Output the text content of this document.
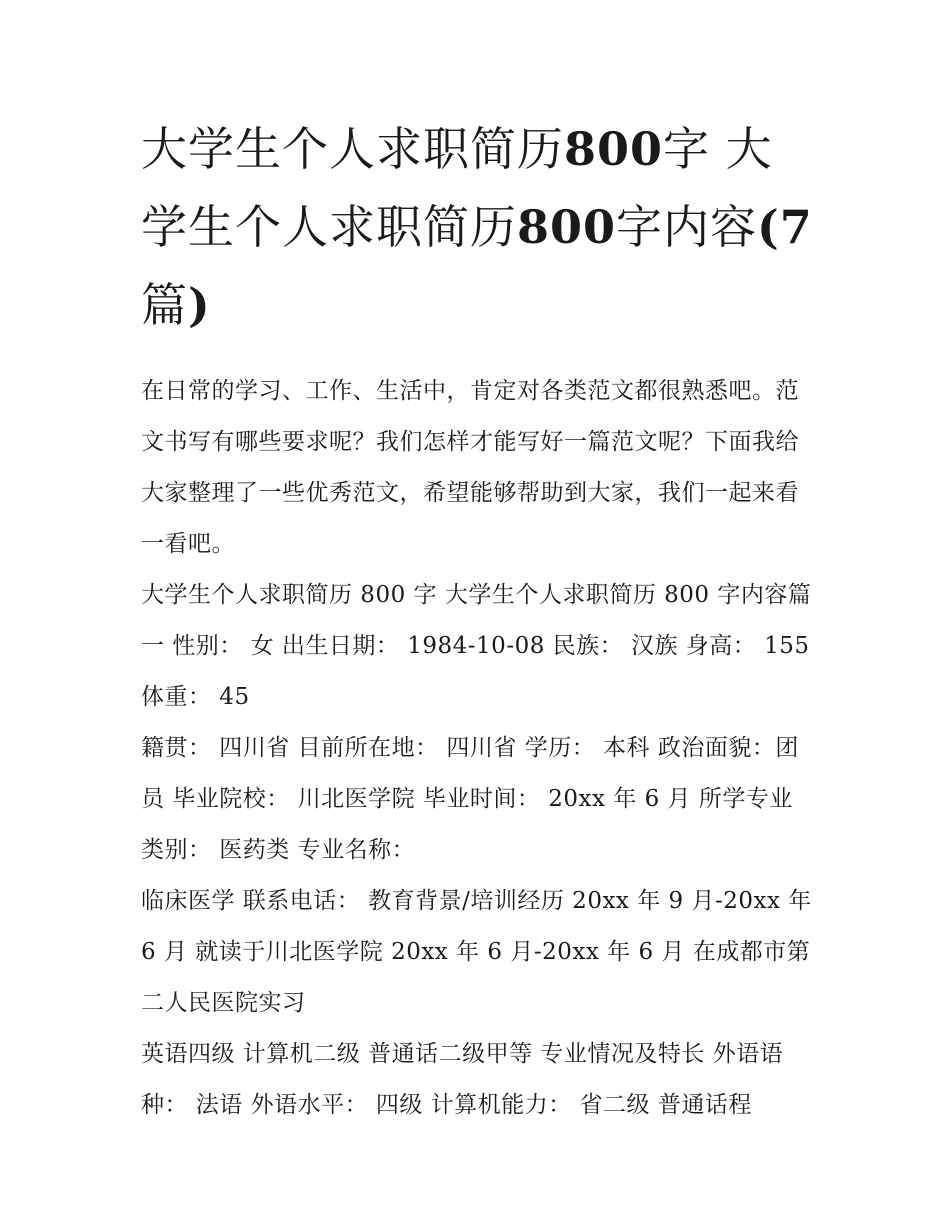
大学生个人求职简历800字 大学生个人求职简历800字内容(7篇)

在日常的学习、工作、生活中，肯定对各类范文都很熟悉吧。范文书写有哪些要求呢？我们怎样才能写好一篇范文呢？下面我给大家整理了一些优秀范文，希望能够帮助到大家，我们一起来看一看吧。

大学生个人求职简历 800 字 大学生个人求职简历 800 字内容篇一 性别： 女 出生日期： 1984-10-08 民族： 汉族 身高： 155 体重： 45

籍贯： 四川省 目前所在地： 四川省 学历： 本科 政治面貌：团员 毕业院校： 川北医学院 毕业时间： 20xx 年 6 月 所学专业类别： 医药类 专业名称：

临床医学 联系电话： 教育背景/培训经历 20xx 年 9 月-20xx 年6 月 就读于川北医学院 20xx 年 6 月-20xx 年 6 月 在成都市第二人民医院实习

英语四级 计算机二级 普通话二级甲等 专业情况及特长 外语语种： 法语 外语水平： 四级 计算机能力： 省二级 普通话程
